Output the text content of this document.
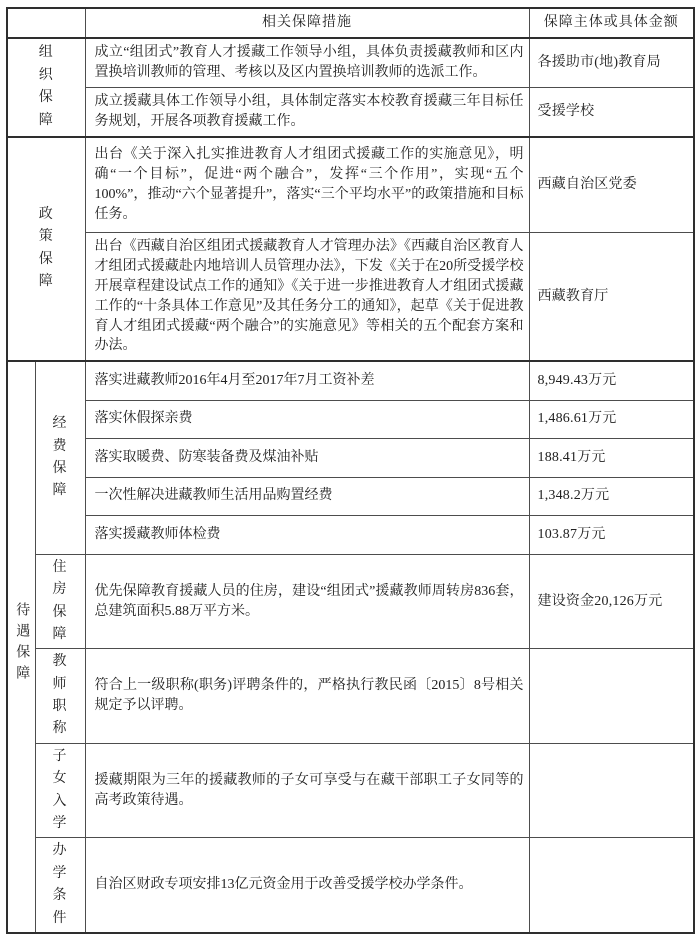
		相关保障措施	保障主体或具体金额
组织保障		成立“组团式”教育人才援藏工作领导小组，具体负责援藏教师和区内置换培训教师的管理、考核以及区内置换培训教师的选派工作。	各援助市(地)教育局
		成立援藏具体工作领导小组，具体制定落实本校教育援藏三年目标任务规划，开展各项教育援藏工作。	受援学校
政策保障		出台《关于深入扎实推进教育人才组团式援藏工作的实施意见》，明确“一个目标”，促进“两个融合”，发挥“三个作用”，实现“五个100%”，推动“六个显著提升”，落实“三个平均水平”的政策措施和目标任务。	西藏自治区党委
		出台《西藏自治区组团式援藏教育人才管理办法》《西藏自治区教育人才组团式援藏赴内地培训人员管理办法》，下发《关于在20所受援学校开展章程建设试点工作的通知》《关于进一步推进教育人才组团式援藏工作的“十条具体工作意见”及其任务分工的通知》，起草《关于促进教育人才组团式援藏“两个融合”的实施意见》等相关的五个配套方案和办法。	西藏教育厅
待遇保障	经费保障	落实进藏教师2016年4月至2017年7月工资补差	8,949.43万元
		落实休假探亲费	1,486.61万元
		落实取暖费、防寒装备费及煤油补贴	188.41万元
		一次性解决进藏教师生活用品购置经费	1,348.2万元
		落实援藏教师体检费	103.87万元
	住房保障	优先保障教育援藏人员的住房，建设“组团式”援藏教师周转房836套，总建筑面积5.88万平方米。	建设资金20,126万元
	教师职称	符合上一级职称(职务)评聘条件的，严格执行教民函〔2015〕8号相关规定予以评聘。	
	子女入学	援藏期限为三年的援藏教师的子女可享受与在藏干部职工子女同等的高考政策待遇。	
	办学条件	自治区财政专项安排13亿元资金用于改善受援学校办学条件。	
